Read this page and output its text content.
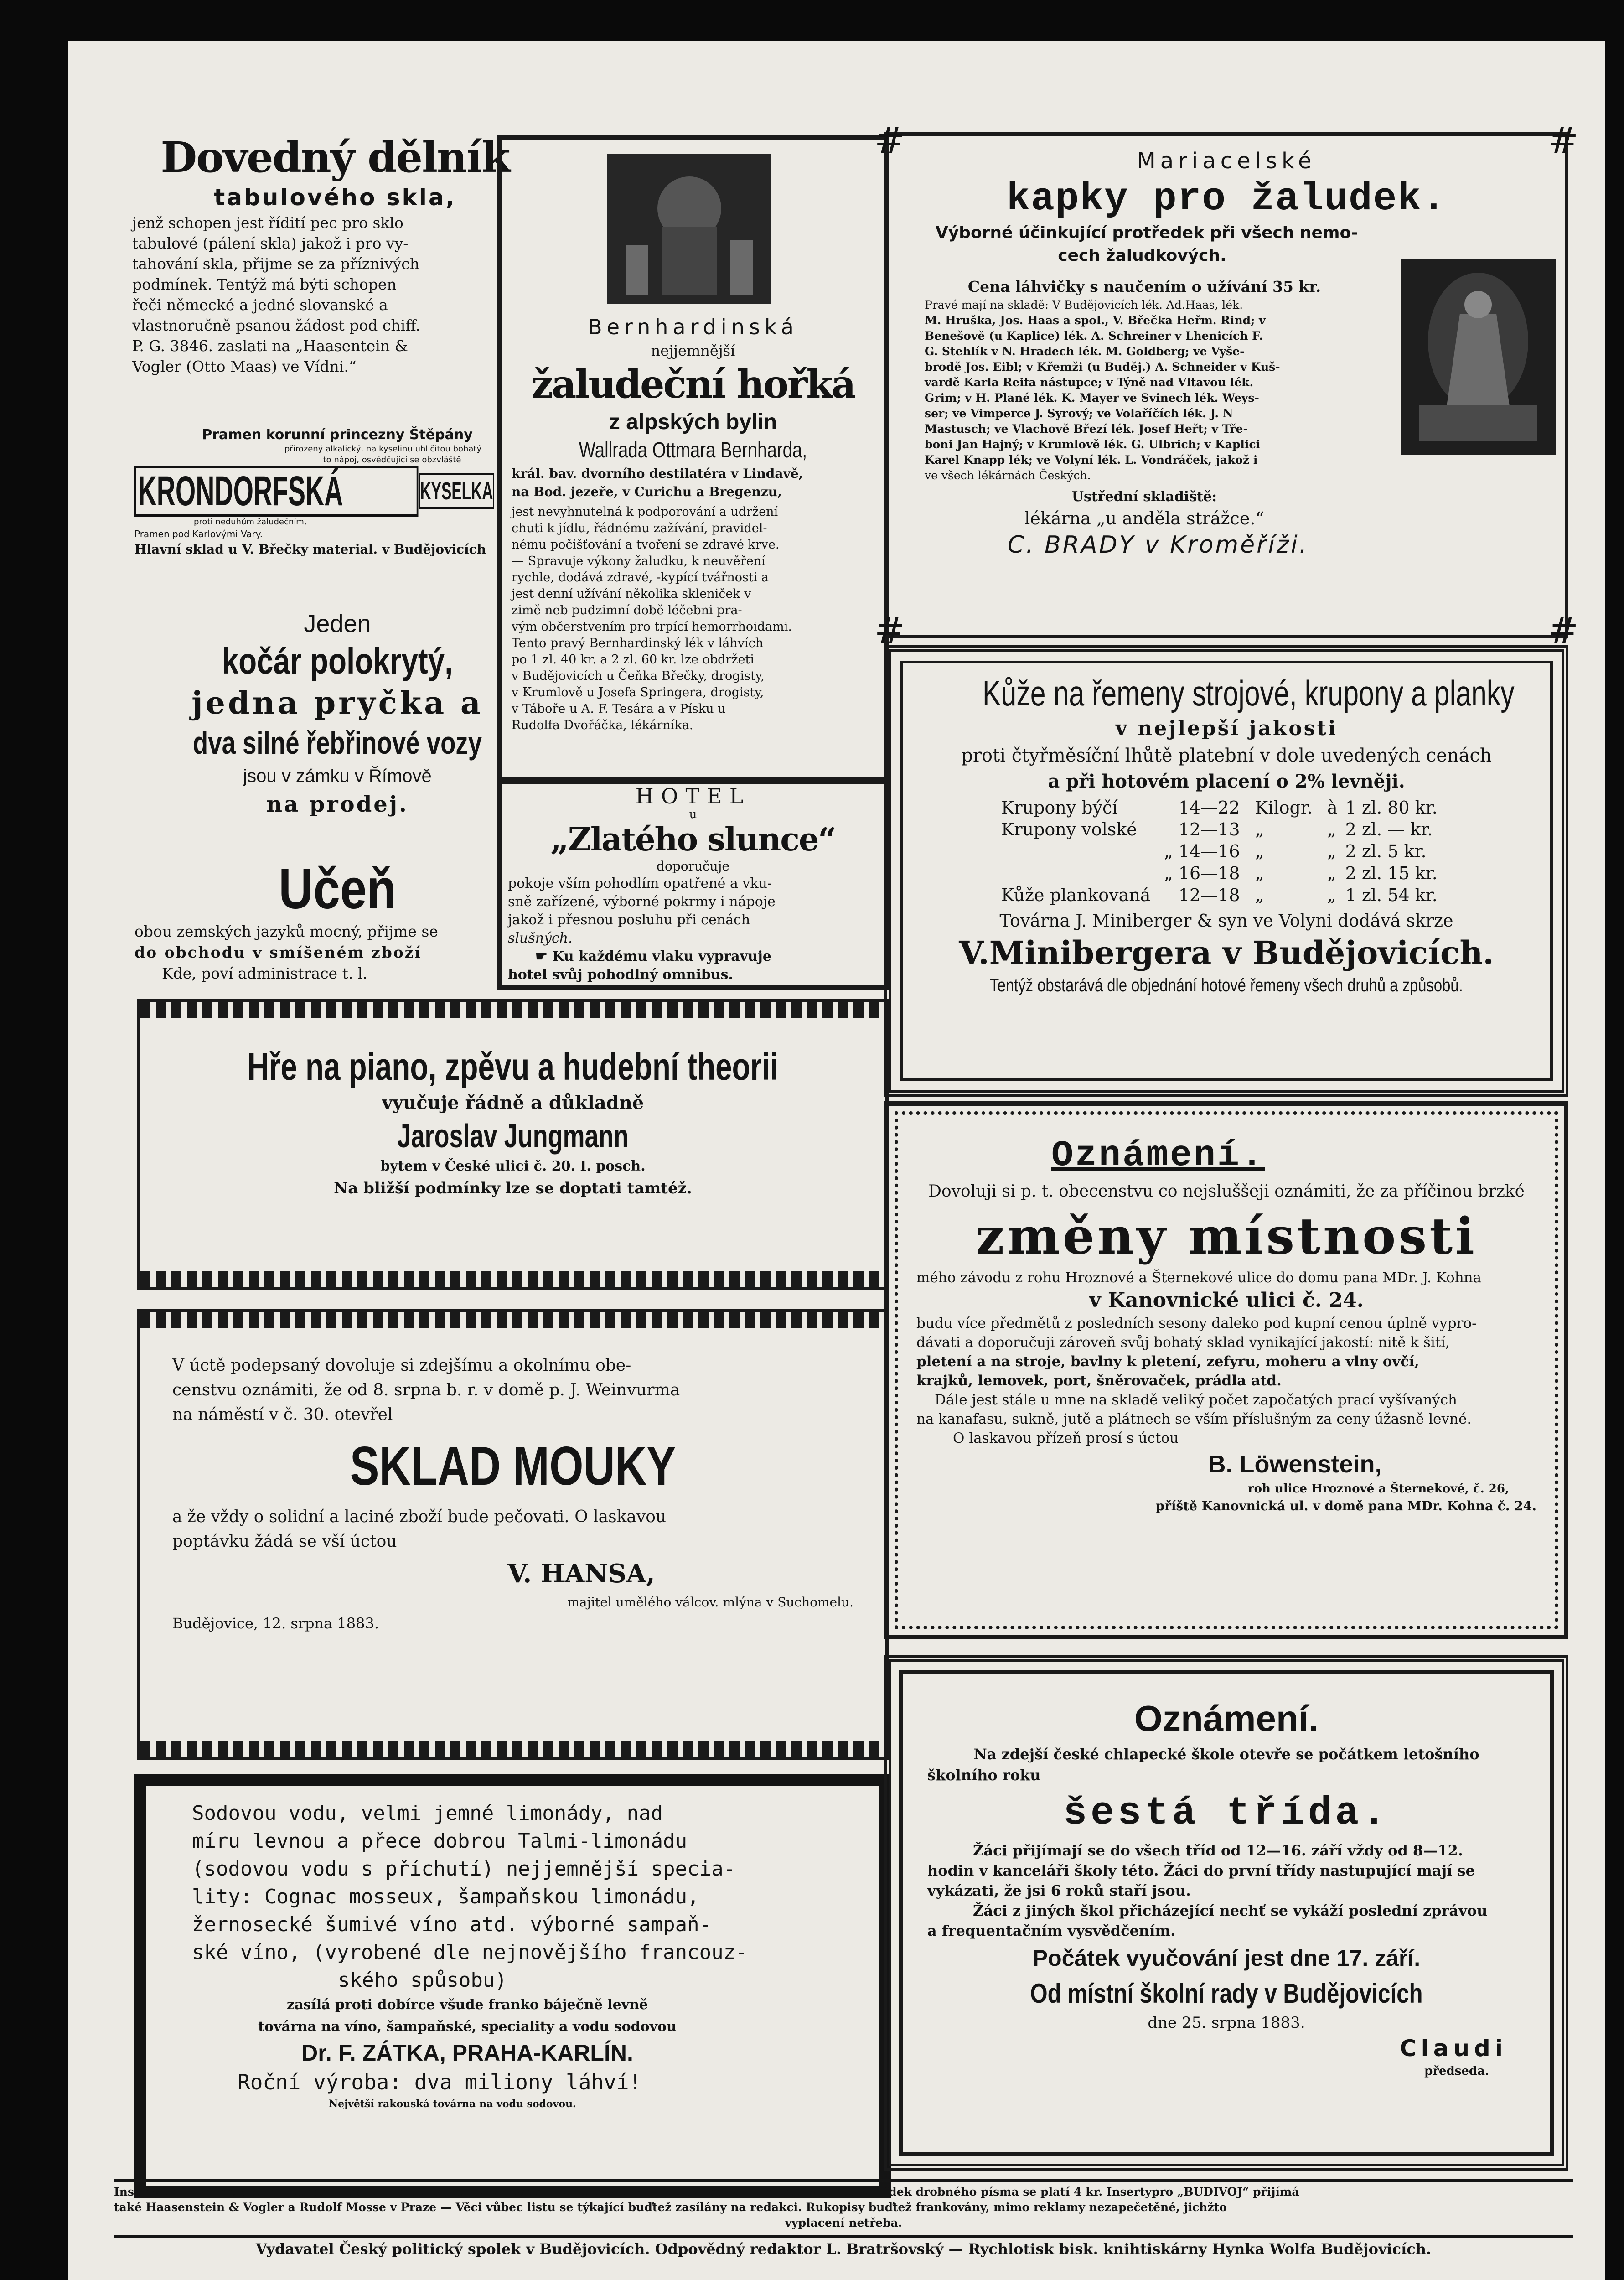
Dovedný dělník
tabulového skla,
jenž schopen jest řídití pec pro sklo
tabulové (pálení skla) jakož i pro vy-
tahování skla, přijme se za příznivých
podmínek. Tentýž má býti schopen
řeči německé a jedné slovanské a
vlastnoručně psanou žádost pod chiff.
P. G. 3846. zaslati na „Haasentein &
Vogler (Otto Maas) ve Vídni.“
Pramen korunní princezny Štěpány
přirozený alkalický, na kyselinu uhličitou bohatý
to nápoj, osvědčující se obzvláště
KRONDORFSKÁ	KYSELKA
proti neduhům žaludečním,
Pramen pod Karlovými Vary.
Hlavní sklad u V. Břečky material. v Budějovicích
Jeden
kočár polokrytý,
jedna pryčka a
dva silné řebřinové vozy
jsou v zámku v Římově
na prodej.
Učeň
obou zemských jazyků mocný, přijme se
do obchodu v smíšeném zboží
Kde, poví administrace t. l.
Bernhardinská
nejjemnější
žaludeční hořká
z alpských bylin
Wallrada Ottmara Bernharda,
král. bav. dvorního destilatéra v Lindavě,
na Bod. jezeře, v Curichu a Bregenzu,
jest nevyhnutelná k podporování a udržení
chuti k jídlu, řádnému zažívání, pravidel-
nému počišťování a tvoření se zdravé krve.
— Spravuje výkony žaludku, k neuvěření
rychle, dodává zdravé, -kypící tvářnosti a
jest denní užívání několika skleniček v
zimě neb pudzimní době léčebni pra-
vým občerstvením pro trpící hemorrhoidami.
Tento pravý Bernhardinský lék v láhvích
po 1 zl. 40 kr. a 2 zl. 60 kr. lze obdržeti
v Budějovicích u Čeňka Břečky, drogisty,
v Krumlově u Josefa Springera, drogisty,
v Táboře u A. F. Tesára a v Písku u
Rudolfa Dvořáčka, lékárníka.
HOTEL
u
„Zlatého slunce“
doporučuje
pokoje vším pohodlím opatřené a vku-
sně zařízené, výborné pokrmy i nápoje
jakož i přesnou posluhu při cenách
slušných.
☛ Ku každému vlaku vypravuje
hotel svůj pohodlný omnibus.
#	#
#	#
Mariacelské
kapky pro žaludek.
Výborné účinkující protředek při všech nemo-
cech žaludkových.
Cena láhvičky s naučením o užívání 35 kr.
Pravé mají na skladě: V Budějovicích lék. Ad.Haas, lék.
M. Hruška, Jos. Haas a spol., V. Břečka Heřm. Rind; v
Benešově (u Kaplice) lék. A. Schreiner v Lhenicích F.
G. Stehlík v N. Hradech lék. M. Goldberg; ve Vyše-
brodě Jos. Eibl; v Křemži (u Buděj.) A. Schneider v Kuš-
vardě Karla Reifa nástupce; v Týně nad Vltavou lék.
Grim; v H. Plané lék. K. Mayer ve Svinech lék. Weys-
ser; ve Vimperce J. Syrový; ve Volaříčích lék. J. N
Mastusch; ve Vlachově Březí lék. Josef Heřt; v Tře-
boni Jan Hajný; v Krumlově lék. G. Ulbrich; v Kaplici
Karel Knapp lék; ve Volyní lék. L. Vondráček, jakož i
ve všech lékárnách Českých.
Ustřední skladiště:
lékárna „u anděla strážce.“
C. BRADY v Kroměříži.
Kůže na řemeny strojové, krupony a planky
v nejlepší jakosti
proti čtyřměsíční lhůtě platební v dole uvedených cenách
a při hotovém placení o 2% levněji.
Krupony býčí	14—22	Kilogr.	à	1 zl. 80 kr.
Krupony volské	12—13	„	„	2 zl. — kr.
„	14—16	„	„	2 zl. 5 kr.
„	16—18	„	„	2 zl. 15 kr.
Kůže plankovaná	12—18	„	„	1 zl. 54 kr.
Továrna J. Miniberger & syn ve Volyni dodává skrze
V.Minibergera v Budějovicích.
Tentýž obstarává dle objednání hotové řemeny všech druhů a způsobů.
Hře na piano, zpěvu a hudební theorii
vyučuje řádně a důkladně
Jaroslav Jungmann
bytem v České ulici č. 20. I. posch.
Na bližší podmínky lze se doptati tamtéž.
V úctě podepsaný dovoluje si zdejšímu a okolnímu obe-
censtvu oznámiti, že od 8. srpna b. r. v domě p. J. Weinvurma
na náměstí v č. 30. otevřel
SKLAD MOUKY
a že vždy o solidní a laciné zboží bude pečovati. O laskavou
poptávku žádá se vší úctou
V. HANSA,
majitel umělého válcov. mlýna v Suchomelu.
Budějovice, 12. srpna 1883.
Sodovou vodu, velmi jemné limonády, nad
míru levnou a přece dobrou Talmi-limonádu
(sodovou vodu s příchutí) nejjemnější specia-
lity: Cognac mosseux, šampaňskou limonádu,
žernosecké šumivé víno atd. výborné sampaň-
ské víno, (vyrobené dle nejnovějšího francouz-
ského spůsobu)
zasílá proti dobírce všude franko báječně levně
továrna na víno, šampaňské, speciality a vodu sodovou
Dr. F. ZÁTKA, PRAHA-KARLÍN.
Roční výroba: dva miliony láhví!
Největší rakouská továrna na vodu sodovou.
Oznámení.
Dovoluji si p. t. obecenstvu co nejsluššeji oznámiti, že za příčinou brzké
změny místnosti
mého závodu z rohu Hroznové a Šternekové ulice do domu pana MDr. J. Kohna
v Kanovnické ulici č. 24.
budu více předmětů z posledních sesony daleko pod kupní cenou úplně vypro-
dávati a doporučuji zároveň svůj bohatý sklad vynikající jakostí: nitě k šití,
pletení a na stroje, bavlny k pletení, zefyru, moheru a vlny ovčí,
krajků, lemovek, port, šněrovaček, prádla atd.
Dále jest stále u mne na skladě veliký počet započatých prací vyšívaných
na kanafasu, sukně, jutě a plátnech se vším příslušným za ceny úžasně levné.
O laskavou přízeň prosí s úctou
B. Löwenstein,
roh ulice Hroznové a Šternekové, č. 26,
příště Kanovnická ul. v domě pana MDr. Kohna č. 24.
Oznámení.
Na zdejší české chlapecké škole otevře se počátkem letošního
školního roku
šestá třída.
Žáci přijímají se do všech tříd od 12—16. září vždy od 8—12.
hodin v kanceláři školy této. Žáci do první třídy nastupující mají se
vykázati, že jsi 6 roků staří jsou.
Žáci z jiných škol přicházející nechť se vykáží poslední zprávou
a frequentačním vysvědčením.
Počátek vyučování jest dne 17. září.
Od místní školní rady v Budějovicích
dne 25. srpna 1883.
Claudi
předseda.
Inserty přijímají se v administraci u pana Františka Bendy v divadelní ulici číslo 344. (Záložna) Za jeden čtyřsloupcový řádek drobného písma se platí 4 kr. Insertypro „BUDIVOJ“ přijímá
také Haasenstein & Vogler a Rudolf Mosse v Praze — Věci vůbec listu se týkající buďtež zasílány na redakci. Rukopisy buďtež frankovány, mimo reklamy nezapečetěné, jichžto
vyplacení netřeba.
Vydavatel Český politický spolek v Budějovicích. Odpovědný redaktor L. Bratršovský — Rychlotisk bisk. knihtiskárny Hynka Wolfa Budějovicích.
